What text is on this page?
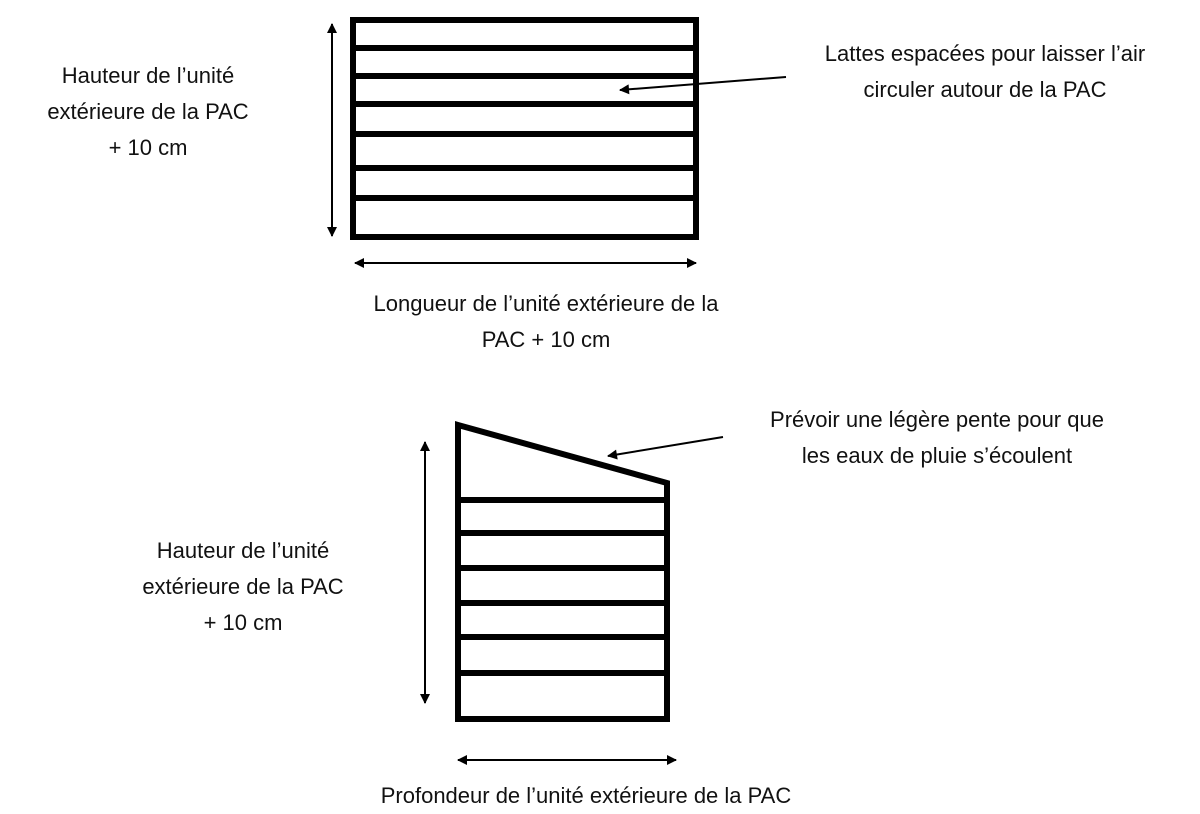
Hauteur de l’unité
extérieure de la PAC
+ 10 cm
Longueur de l’unité extérieure de la
PAC + 10 cm
Lattes espacées pour laisser l’air
circuler autour de la PAC
Prévoir une légère pente pour que
les eaux de pluie s’écoulent
Hauteur de l’unité
extérieure de la PAC
+ 10 cm
Profondeur de l’unité extérieure de la PAC
